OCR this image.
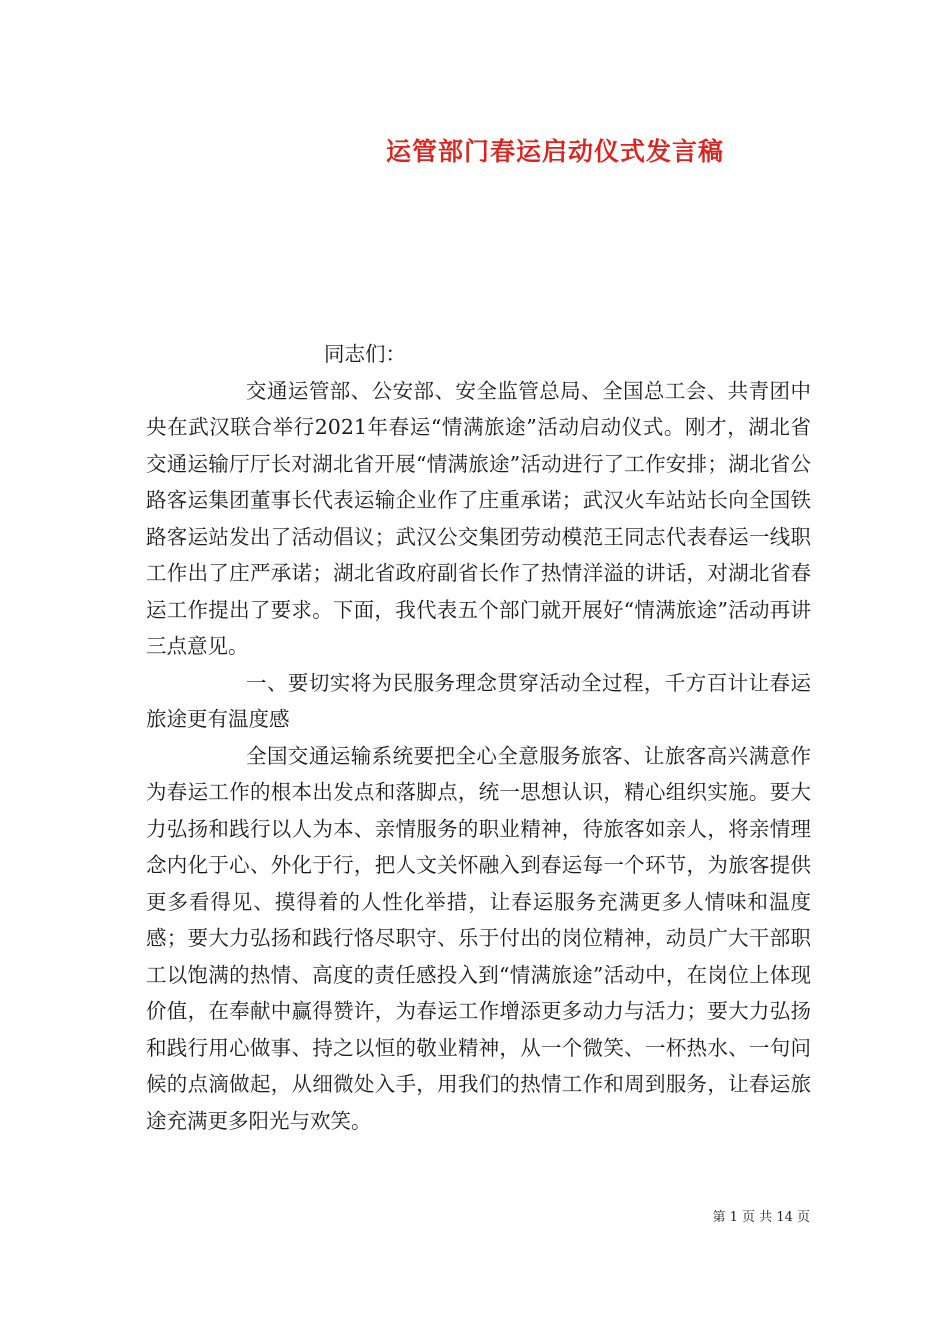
运管部门春运启动仪式发言稿

同志们：

交通运管部、公安部、安全监管总局、全国总工会、共青团中央在武汉联合举行2021年春运“情满旅途”活动启动仪式。刚才，湖北省交通运输厅厅长对湖北省开展“情满旅途”活动进行了工作安排；湖北省公路客运集团董事长代表运输企业作了庄重承诺；武汉火车站站长向全国铁路客运站发出了活动倡议；武汉公交集团劳动模范王同志代表春运一线职工作出了庄严承诺；湖北省政府副省长作了热情洋溢的讲话，对湖北省春运工作提出了要求。下面，我代表五个部门就开展好“情满旅途”活动再讲三点意见。

一、要切实将为民服务理念贯穿活动全过程，千方百计让春运旅途更有温度感

全国交通运输系统要把全心全意服务旅客、让旅客高兴满意作为春运工作的根本出发点和落脚点，统一思想认识，精心组织实施。要大力弘扬和践行以人为本、亲情服务的职业精神，待旅客如亲人，将亲情理念内化于心、外化于行，把人文关怀融入到春运每一个环节，为旅客提供更多看得见、摸得着的人性化举措，让春运服务充满更多人情味和温度感；要大力弘扬和践行恪尽职守、乐于付出的岗位精神，动员广大干部职工以饱满的热情、高度的责任感投入到“情满旅途”活动中，在岗位上体现价值，在奉献中赢得赞许，为春运工作增添更多动力与活力；要大力弘扬和践行用心做事、持之以恒的敬业精神，从一个微笑、一杯热水、一句问候的点滴做起，从细微处入手，用我们的热情工作和周到服务，让春运旅途充满更多阳光与欢笑。

第 1 页 共 14 页
